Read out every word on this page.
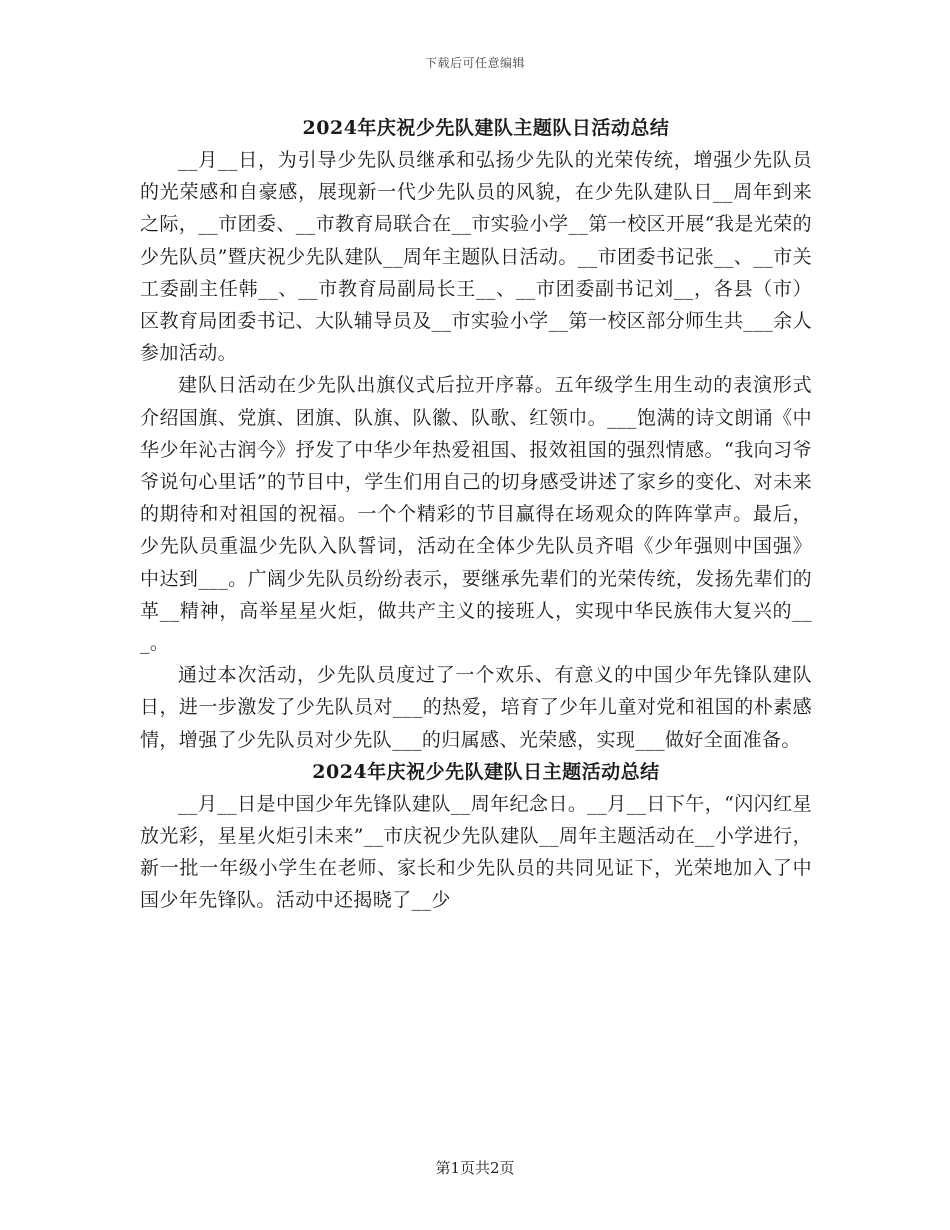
下载后可任意编辑
2024年庆祝少先队建队主题队日活动总结

__月__日，为引导少先队员继承和弘扬少先队的光荣传统，增强少先队员的光荣感和自豪感，展现新一代少先队员的风貌，在少先队建队日__周年到来之际，__市团委、__市教育局联合在__市实验小学__第一校区开展“我是光荣的少先队员”暨庆祝少先队建队__周年主题队日活动。__市团委书记张__、__市关工委副主任韩__、__市教育局副局长王__、__市团委副书记刘__，各县（市）区教育局团委书记、大队辅导员及__市实验小学__第一校区部分师生共___余人参加活动。

建队日活动在少先队出旗仪式后拉开序幕。五年级学生用生动的表演形式介绍国旗、党旗、团旗、队旗、队徽、队歌、红领巾。___饱满的诗文朗诵《中华少年沁古润今》抒发了中华少年热爱祖国、报效祖国的强烈情感。“我向习爷爷说句心里话”的节目中，学生们用自己的切身感受讲述了家乡的变化、对未来的期待和对祖国的祝福。一个个精彩的节目赢得在场观众的阵阵掌声。最后，少先队员重温少先队入队誓词，活动在全体少先队员齐唱《少年强则中国强》中达到___。广阔少先队员纷纷表示，要继承先辈们的光荣传统，发扬先辈们的革__精神，高举星星火炬，做共产主义的接班人，实现中华民族伟大复兴的___。

通过本次活动，少先队员度过了一个欢乐、有意义的中国少年先锋队建队日，进一步激发了少先队员对___的热爱，培育了少年儿童对党和祖国的朴素感情，增强了少先队员对少先队___的归属感、光荣感，实现___做好全面准备。

2024年庆祝少先队建队日主题活动总结

__月__日是中国少年先锋队建队__周年纪念日。__月__日下午，“闪闪红星放光彩，星星火炬引未来”__市庆祝少先队建队__周年主题活动在__小学进行，新一批一年级小学生在老师、家长和少先队员的共同见证下，光荣地加入了中国少年先锋队。活动中还揭晓了__少

第1页共2页
